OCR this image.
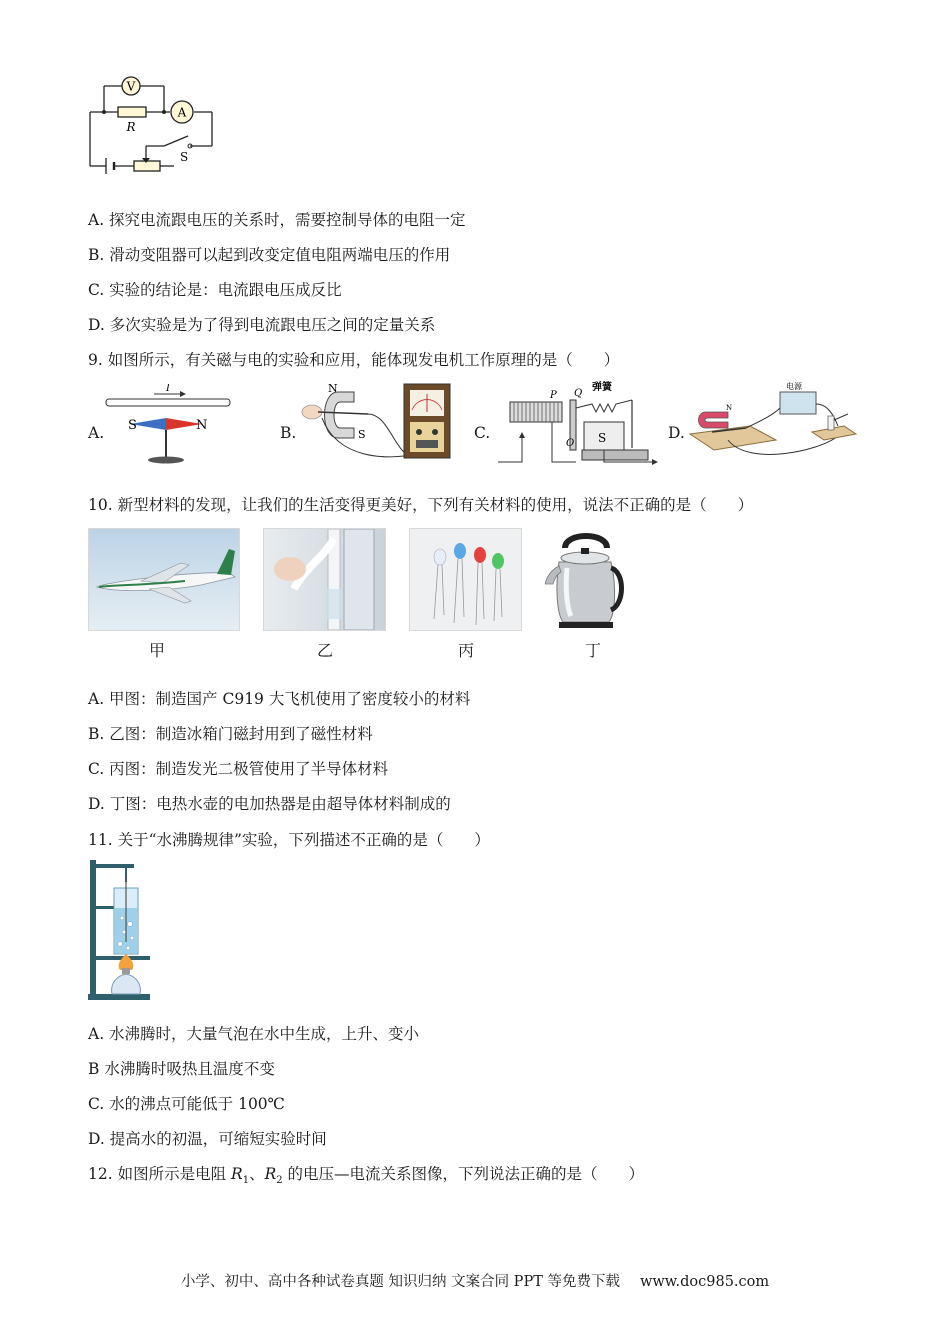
V
A
R
S
A. 探究电流跟电压的关系时，需要控制导体的电阻一定
B. 滑动变阻器可以起到改变定值电阻两端电压的作用
C. 实验的结论是：电流跟电压成反比
D. 多次实验是为了得到电流跟电压之间的定量关系
9. 如图所示，有关磁与电的实验和应用，能体现发电机工作原理的是（　　）
A.
I
S	N	B.
N
S	C.
P Q
弹簧
S
O
D.
电源
N
10. 新型材料的发现，让我们的生活变得更美好，下列有关材料的使用，说法不正确的是（　　）
甲	乙	丙	丁
A. 甲图：制造国产 C919 大飞机使用了密度较小的材料
B. 乙图：制造冰箱门磁封用到了磁性材料
C. 丙图：制造发光二极管使用了半导体材料
D. 丁图：电热水壶的电加热器是由超导体材料制成的
11. 关于“水沸腾规律”实验，下列描述不正确的是（　　）
A. 水沸腾时，大量气泡在水中生成，上升、变小
B 水沸腾时吸热且温度不变
C. 水的沸点可能低于 100℃
D. 提高水的初温，可缩短实验时间
12. 如图所示是电阻 $R_1$、$R_2$ 的电压—电流关系图像，下列说法正确的是（　　）
小学、初中、高中各种试卷真题 知识归纳 文案合同 PPT 等免费下载 www.doc985.com
